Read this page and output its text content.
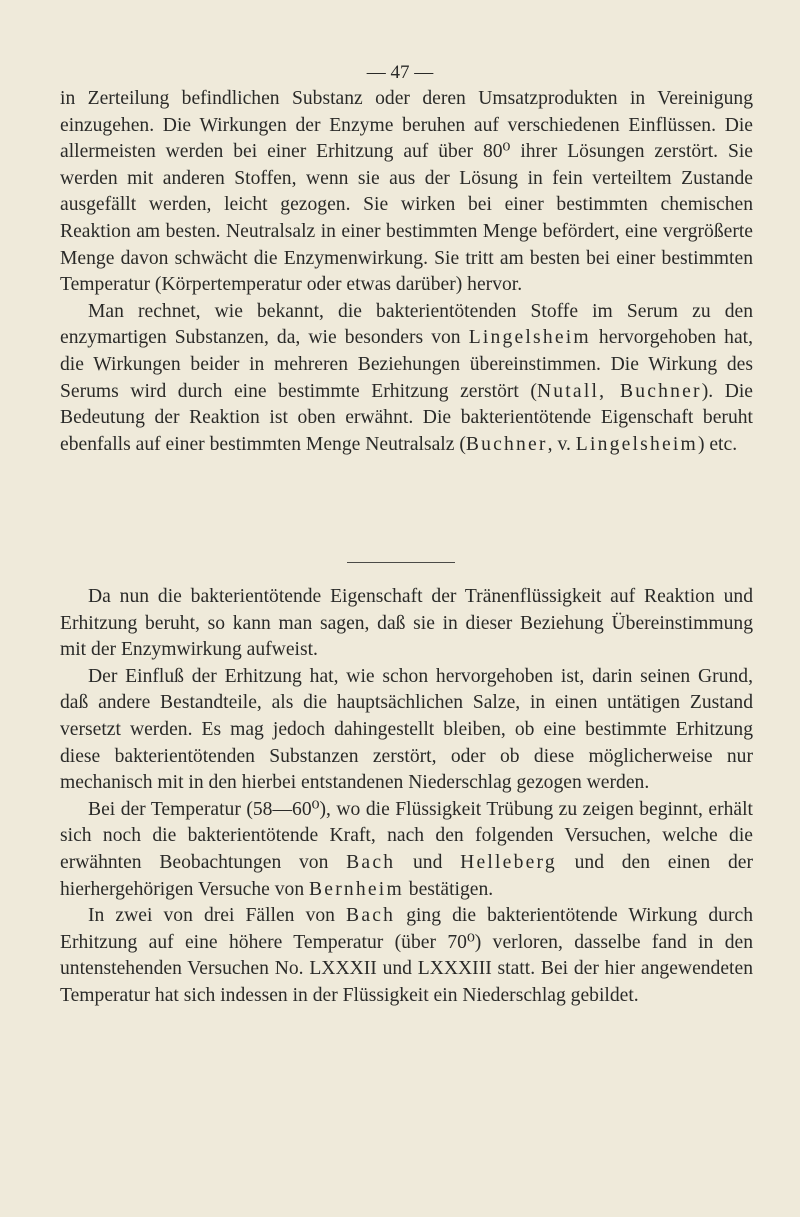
— 47 —

in Zerteilung befindlichen Substanz oder deren Umsatzprodukten in Vereinigung einzugehen. Die Wirkungen der Enzyme beruhen auf verschiedenen Einflüssen. Die allermeisten werden bei einer Erhitzung auf über 80⁰ ihrer Lösungen zerstört. Sie werden mit anderen Stoffen, wenn sie aus der Lösung in fein verteiltem Zustande ausgefällt werden, leicht gezogen. Sie wirken bei einer bestimmten chemischen Reaktion am besten. Neutralsalz in einer bestimmten Menge befördert, eine vergrößerte Menge davon schwächt die Enzymenwirkung. Sie tritt am besten bei einer bestimmten Temperatur (Körpertemperatur oder etwas darüber) hervor.

Man rechnet, wie bekannt, die bakterientötenden Stoffe im Serum zu den enzymartigen Substanzen, da, wie besonders von Lingelsheim hervorgehoben hat, die Wirkungen beider in mehreren Beziehungen übereinstimmen. Die Wirkung des Serums wird durch eine bestimmte Erhitzung zerstört (Nutall, Buchner). Die Bedeutung der Reaktion ist oben erwähnt. Die bakterientötende Eigenschaft beruht ebenfalls auf einer bestimmten Menge Neutralsalz (Buchner, v. Lingelsheim) etc.

Da nun die bakterientötende Eigenschaft der Tränenflüssigkeit auf Reaktion und Erhitzung beruht, so kann man sagen, daß sie in dieser Beziehung Übereinstimmung mit der Enzymwirkung aufweist.

Der Einfluß der Erhitzung hat, wie schon hervorgehoben ist, darin seinen Grund, daß andere Bestandteile, als die hauptsächlichen Salze, in einen untätigen Zustand versetzt werden. Es mag jedoch dahingestellt bleiben, ob eine bestimmte Erhitzung diese bakterientötenden Substanzen zerstört, oder ob diese möglicherweise nur mechanisch mit in den hierbei entstandenen Niederschlag gezogen werden.

Bei der Temperatur (58—60⁰), wo die Flüssigkeit Trübung zu zeigen beginnt, erhält sich noch die bakterientötende Kraft, nach den folgenden Versuchen, welche die erwähnten Beobachtungen von Bach und Helleberg und den einen der hierhergehörigen Versuche von Bernheim bestätigen.

In zwei von drei Fällen von Bach ging die bakterientötende Wirkung durch Erhitzung auf eine höhere Temperatur (über 70⁰) verloren, dasselbe fand in den untenstehenden Versuchen No. LXXXII und LXXXIII statt. Bei der hier angewendeten Temperatur hat sich indessen in der Flüssigkeit ein Niederschlag gebildet.
